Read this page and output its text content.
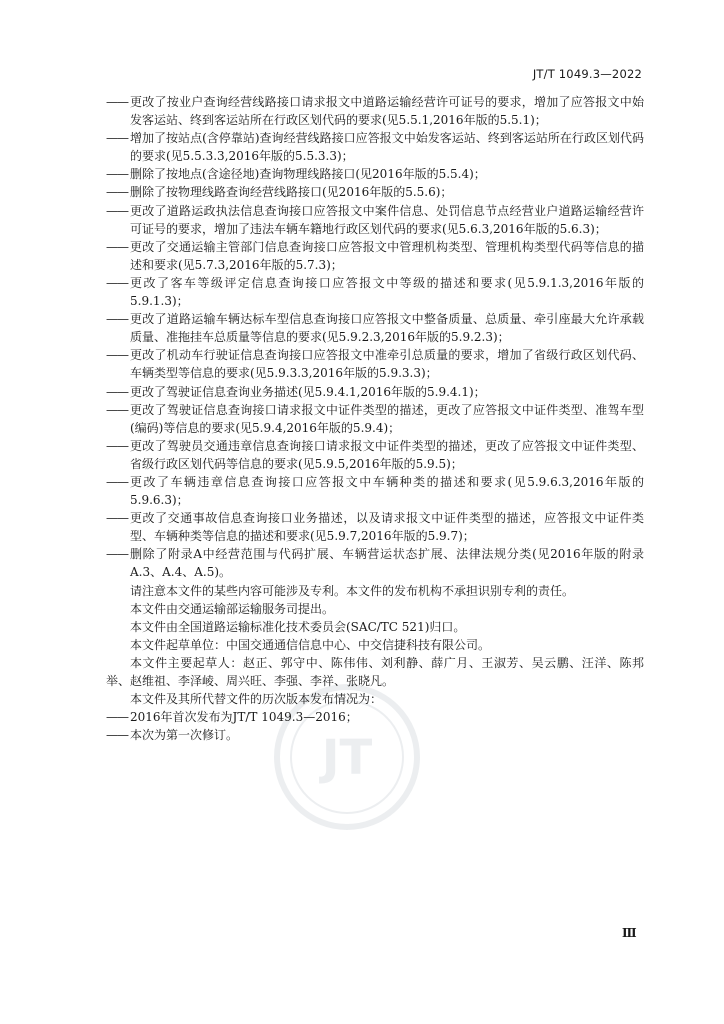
JT/T 1049.3—2022
JT
—— 更改了按业户查询经营线路接口请求报文中道路运输经营许可证号的要求，增加了应答报文中始发客运站、终到客运站所在行政区划代码的要求(见5.5.1,2016年版的5.5.1)；
—— 增加了按站点(含停靠站)查询经营线路接口应答报文中始发客运站、终到客运站所在行政区划代码的要求(见5.5.3.3,2016年版的5.5.3.3)；
—— 删除了按地点(含途径地)查询物理线路接口(见2016年版的5.5.4)；
—— 删除了按物理线路查询经营线路接口(见2016年版的5.5.6)；
—— 更改了道路运政执法信息查询接口应答报文中案件信息、处罚信息节点经营业户道路运输经营许可证号的要求，增加了违法车辆车籍地行政区划代码的要求(见5.6.3,2016年版的5.6.3)；
—— 更改了交通运输主管部门信息查询接口应答报文中管理机构类型、管理机构类型代码等信息的描述和要求(见5.7.3,2016年版的5.7.3)；
—— 更改了客车等级评定信息查询接口应答报文中等级的描述和要求(见5.9.1.3,2016年版的5.9.1.3)；
—— 更改了道路运输车辆达标车型信息查询接口应答报文中整备质量、总质量、牵引座最大允许承载质量、准拖挂车总质量等信息的要求(见5.9.2.3,2016年版的5.9.2.3)；
—— 更改了机动车行驶证信息查询接口应答报文中准牵引总质量的要求，增加了省级行政区划代码、车辆类型等信息的要求(见5.9.3.3,2016年版的5.9.3.3)；
—— 更改了驾驶证信息查询业务描述(见5.9.4.1,2016年版的5.9.4.1)；
—— 更改了驾驶证信息查询接口请求报文中证件类型的描述，更改了应答报文中证件类型、准驾车型(编码)等信息的要求(见5.9.4,2016年版的5.9.4)；
—— 更改了驾驶员交通违章信息查询接口请求报文中证件类型的描述，更改了应答报文中证件类型、省级行政区划代码等信息的要求(见5.9.5,2016年版的5.9.5)；
—— 更改了车辆违章信息查询接口应答报文中车辆种类的描述和要求(见5.9.6.3,2016年版的5.9.6.3)；
—— 更改了交通事故信息查询接口业务描述，以及请求报文中证件类型的描述，应答报文中证件类型、车辆种类等信息的描述和要求(见5.9.7,2016年版的5.9.7)；
—— 删除了附录A中经营范围与代码扩展、车辆营运状态扩展、法律法规分类(见2016年版的附录A.3、A.4、A.5)。

请注意本文件的某些内容可能涉及专利。本文件的发布机构不承担识别专利的责任。

本文件由交通运输部运输服务司提出。

本文件由全国道路运输标准化技术委员会(SAC/TC 521)归口。

本文件起草单位：中国交通通信信息中心、中交信捷科技有限公司。

本文件主要起草人：赵正、郭守中、陈伟伟、刘利静、薛广月、王淑芳、吴云鹏、汪洋、陈邦举、赵维祖、李泽崚、周兴旺、李强、李祥、张晓凡。

本文件及其所代替文件的历次版本发布情况为：

—— 2016年首次发布为JT/T 1049.3—2016；
—— 本次为第一次修订。
Ⅲ
